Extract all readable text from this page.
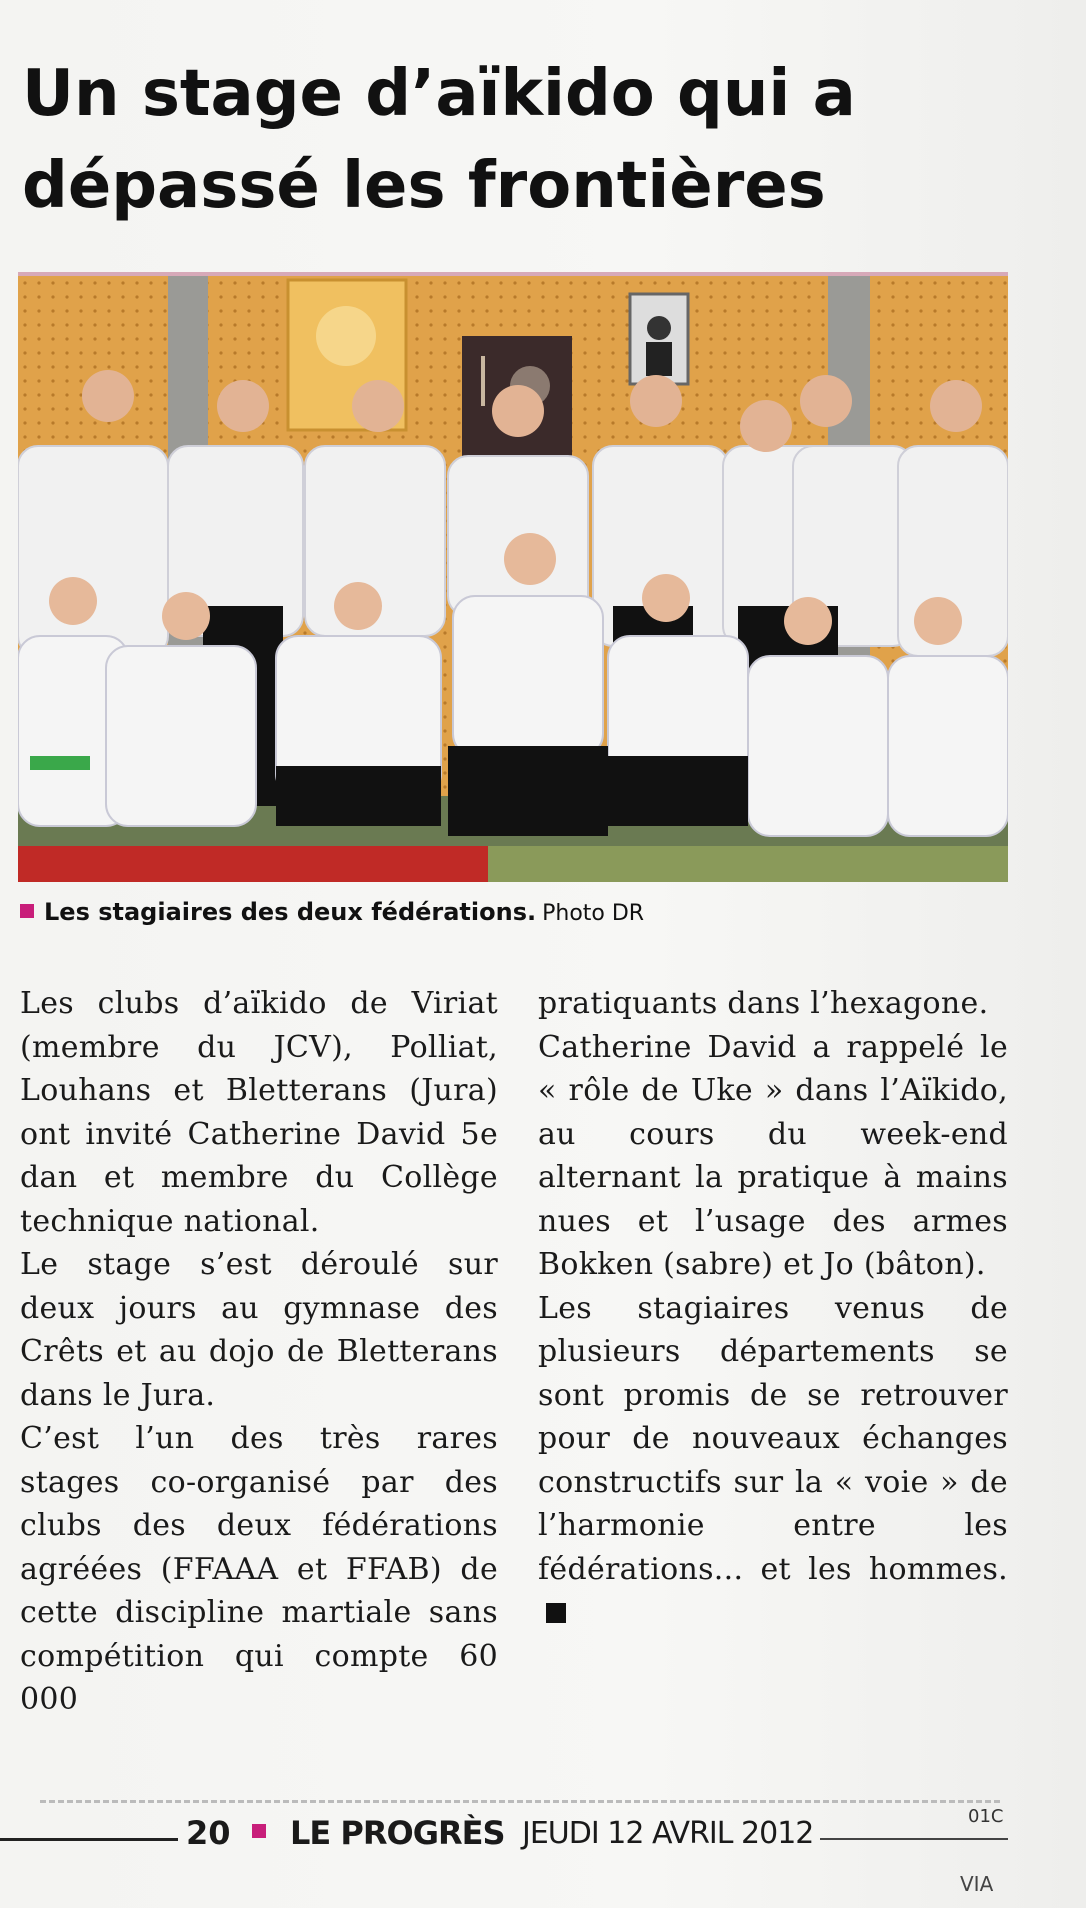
Un stage d’aïkido qui a dépassé les frontières
Les stagiaires des deux fédérations. Photo DR

Les clubs d’aïkido de Viriat (membre du JCV), Polliat, Louhans et Bletterans (Jura) ont invité Catherine David 5e dan et membre du Collège technique national.

Le stage s’est déroulé sur deux jours au gymnase des Crêts et au dojo de Bletterans dans le Jura.

C’est l’un des très rares stages co-organisé par des clubs des deux fédérations agréées (FFAAA et FFAB) de cette discipline martiale sans compétition qui compte 60 000

pratiquants dans l’hexagone.

Catherine David a rappelé le « rôle de Uke » dans l’Aïkido, au cours du week-end alternant la pratique à mains nues et l’usage des armes Bokken (sabre) et Jo (bâton).

Les stagiaires venus de plusieurs départements se sont promis de se retrouver pour de nouveaux échanges constructifs sur la « voie » de l’harmonie entre les fédérations... et les hommes.

20 LE PROGRÈS JEUDI 12 AVRIL 2012	01C
VIA
